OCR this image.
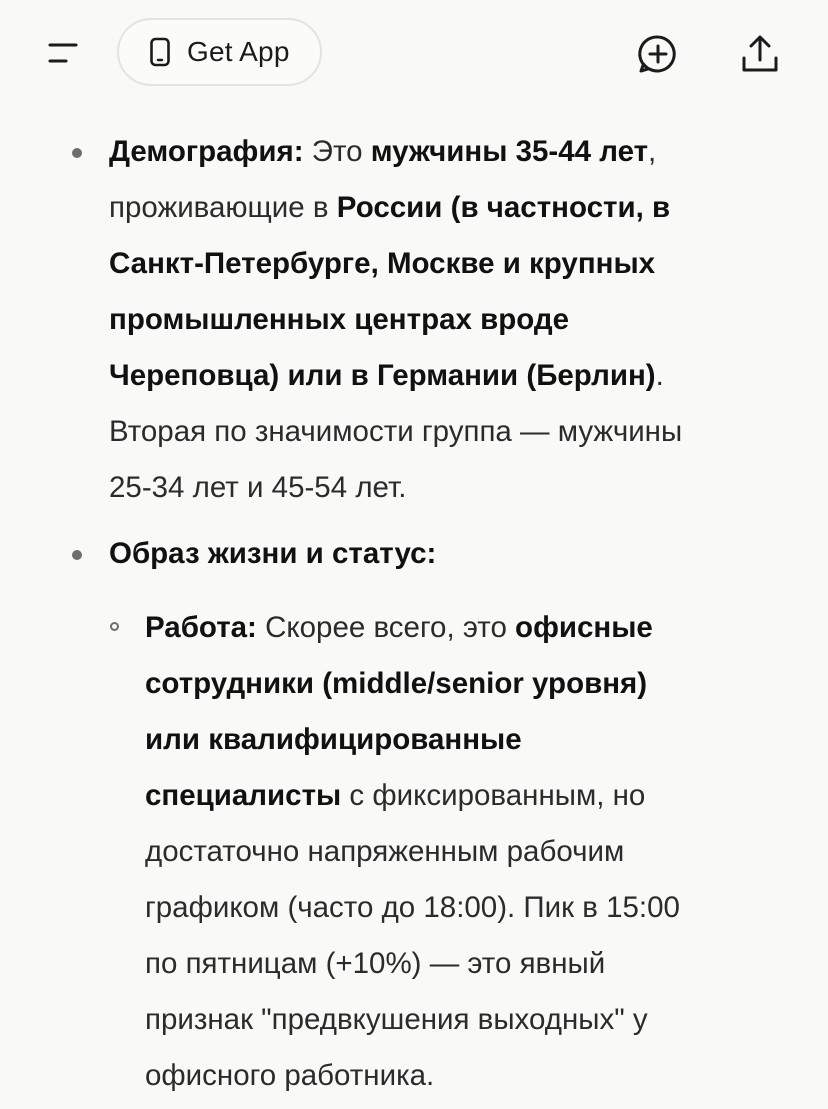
Get App
Демография: Это мужчины 35-44 лет,
проживающие в России (в частности, в
Санкт-Петербурге, Москве и крупных
промышленных центрах вроде
Череповца) или в Германии (Берлин).
Вторая по значимости группа — мужчины
25-34 лет и 45-54 лет.
Образ жизни и статус:
Работа: Скорее всего, это офисные
сотрудники (middle/senior уровня)
или квалифицированные
специалисты с фиксированным, но
достаточно напряженным рабочим
графиком (часто до 18:00). Пик в 15:00
по пятницам (+10%) — это явный
признак "предвкушения выходных" у
офисного работника.
